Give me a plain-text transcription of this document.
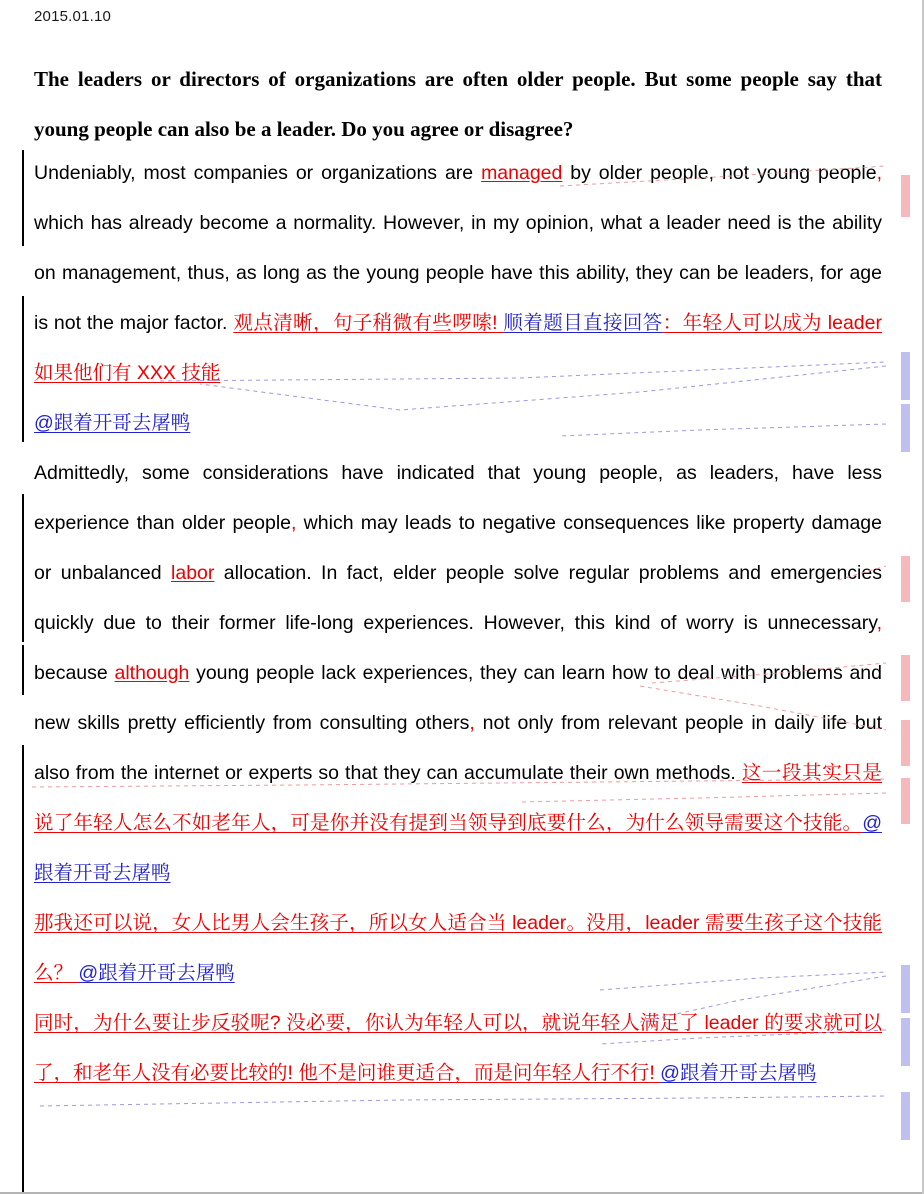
2015.01.10
The leaders or directors of organizations are often older people. But some people say that young people can also be a leader. Do you agree or disagree?

Undeniably, most companies or organizations are managed by older people, not young people, which has already become a normality. However, in my opinion, what a leader need is the ability on management, thus, as long as the young people have this ability, they can be leaders, for age is not the major factor. 观点清晰，句子稍微有些啰嗦! 顺着题目直接回答：年轻人可以成为 leader 如果他们有 XXX 技能

@跟着开哥去屠鸭

Admittedly, some considerations have indicated that young people, as leaders, have less experience than older people, which may leads to negative consequences like property damage or unbalanced labor allocation. In fact, elder people solve regular problems and emergencies quickly due to their former life-long experiences. However, this kind of worry is unnecessary, because although young people lack experiences, they can learn how to deal with problems and new skills pretty efficiently from consulting others, not only from relevant people in daily life but also from the internet or experts so that they can accumulate their own methods. 这一段其实只是说了年轻人怎么不如老年人，可是你并没有提到当领导到底要什么，为什么领导需要这个技能。@跟着开哥去屠鸭

那我还可以说，女人比男人会生孩子，所以女人适合当 leader。没用，leader 需要生孩子这个技能么？ @跟着开哥去屠鸭

同时，为什么要让步反驳呢? 没必要，你认为年轻人可以，就说年轻人满足了 leader 的要求就可以了，和老年人没有必要比较的! 他不是问谁更适合，而是问年轻人行不行! @跟着开哥去屠鸭
